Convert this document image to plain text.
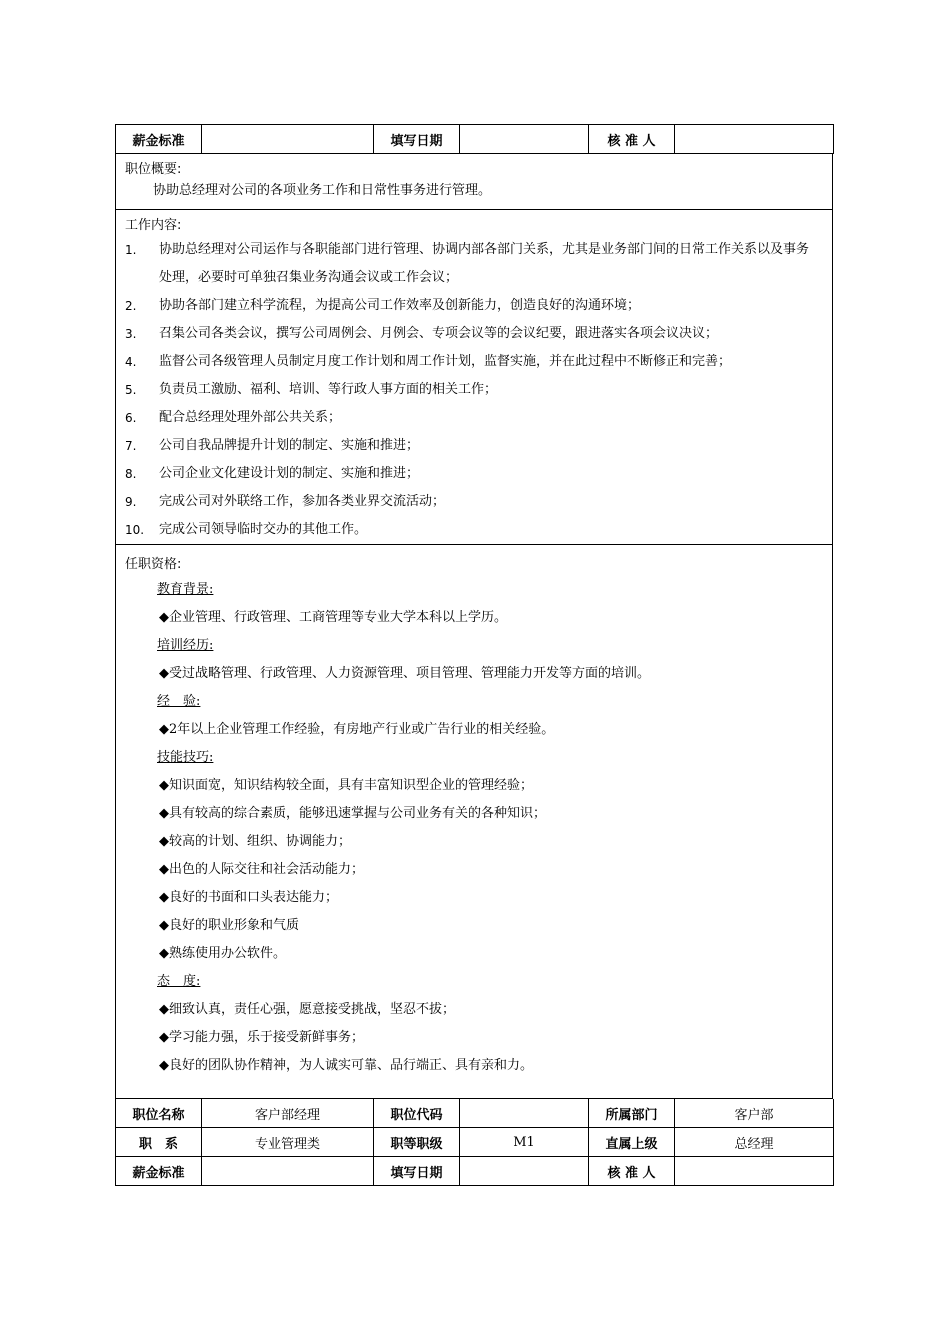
薪金标准		填写日期		核 准 人	
职位概要:
协助总经理对公司的各项业务工作和日常性事务进行管理。
工作内容:
1. 协助总经理对公司运作与各职能部门进行管理、协调内部各部门关系，尤其是业务部门间的日常工作关系以及事务处理，必要时可单独召集业务沟通会议或工作会议；
2. 协助各部门建立科学流程，为提高公司工作效率及创新能力，创造良好的沟通环境；
3. 召集公司各类会议，撰写公司周例会、月例会、专项会议等的会议纪要，跟进落实各项会议决议；
4. 监督公司各级管理人员制定月度工作计划和周工作计划，监督实施，并在此过程中不断修正和完善；
5. 负责员工激励、福利、培训、等行政人事方面的相关工作；
6. 配合总经理处理外部公共关系；
7. 公司自我品牌提升计划的制定、实施和推进；
8. 公司企业文化建设计划的制定、实施和推进；
9. 完成公司对外联络工作，参加各类业界交流活动；
10. 完成公司领导临时交办的其他工作。
任职资格:
教育背景:
◆企业管理、行政管理、工商管理等专业大学本科以上学历。
培训经历:
◆受过战略管理、行政管理、人力资源管理、项目管理、管理能力开发等方面的培训。
经　验:
◆2年以上企业管理工作经验，有房地产行业或广告行业的相关经验。
技能技巧:
◆知识面宽，知识结构较全面，具有丰富知识型企业的管理经验；
◆具有较高的综合素质，能够迅速掌握与公司业务有关的各种知识；
◆较高的计划、组织、协调能力；
◆出色的人际交往和社会活动能力；
◆良好的书面和口头表达能力；
◆良好的职业形象和气质
◆熟练使用办公软件。
态　度:
◆细致认真，责任心强，愿意接受挑战，坚忍不拔；
◆学习能力强，乐于接受新鲜事务；
◆良好的团队协作精神，为人诚实可靠、品行端正、具有亲和力。
职位名称	客户部经理	职位代码		所属部门	客户部
职　系	专业管理类	职等职级	M1	直属上级	总经理
薪金标准		填写日期		核 准 人	
